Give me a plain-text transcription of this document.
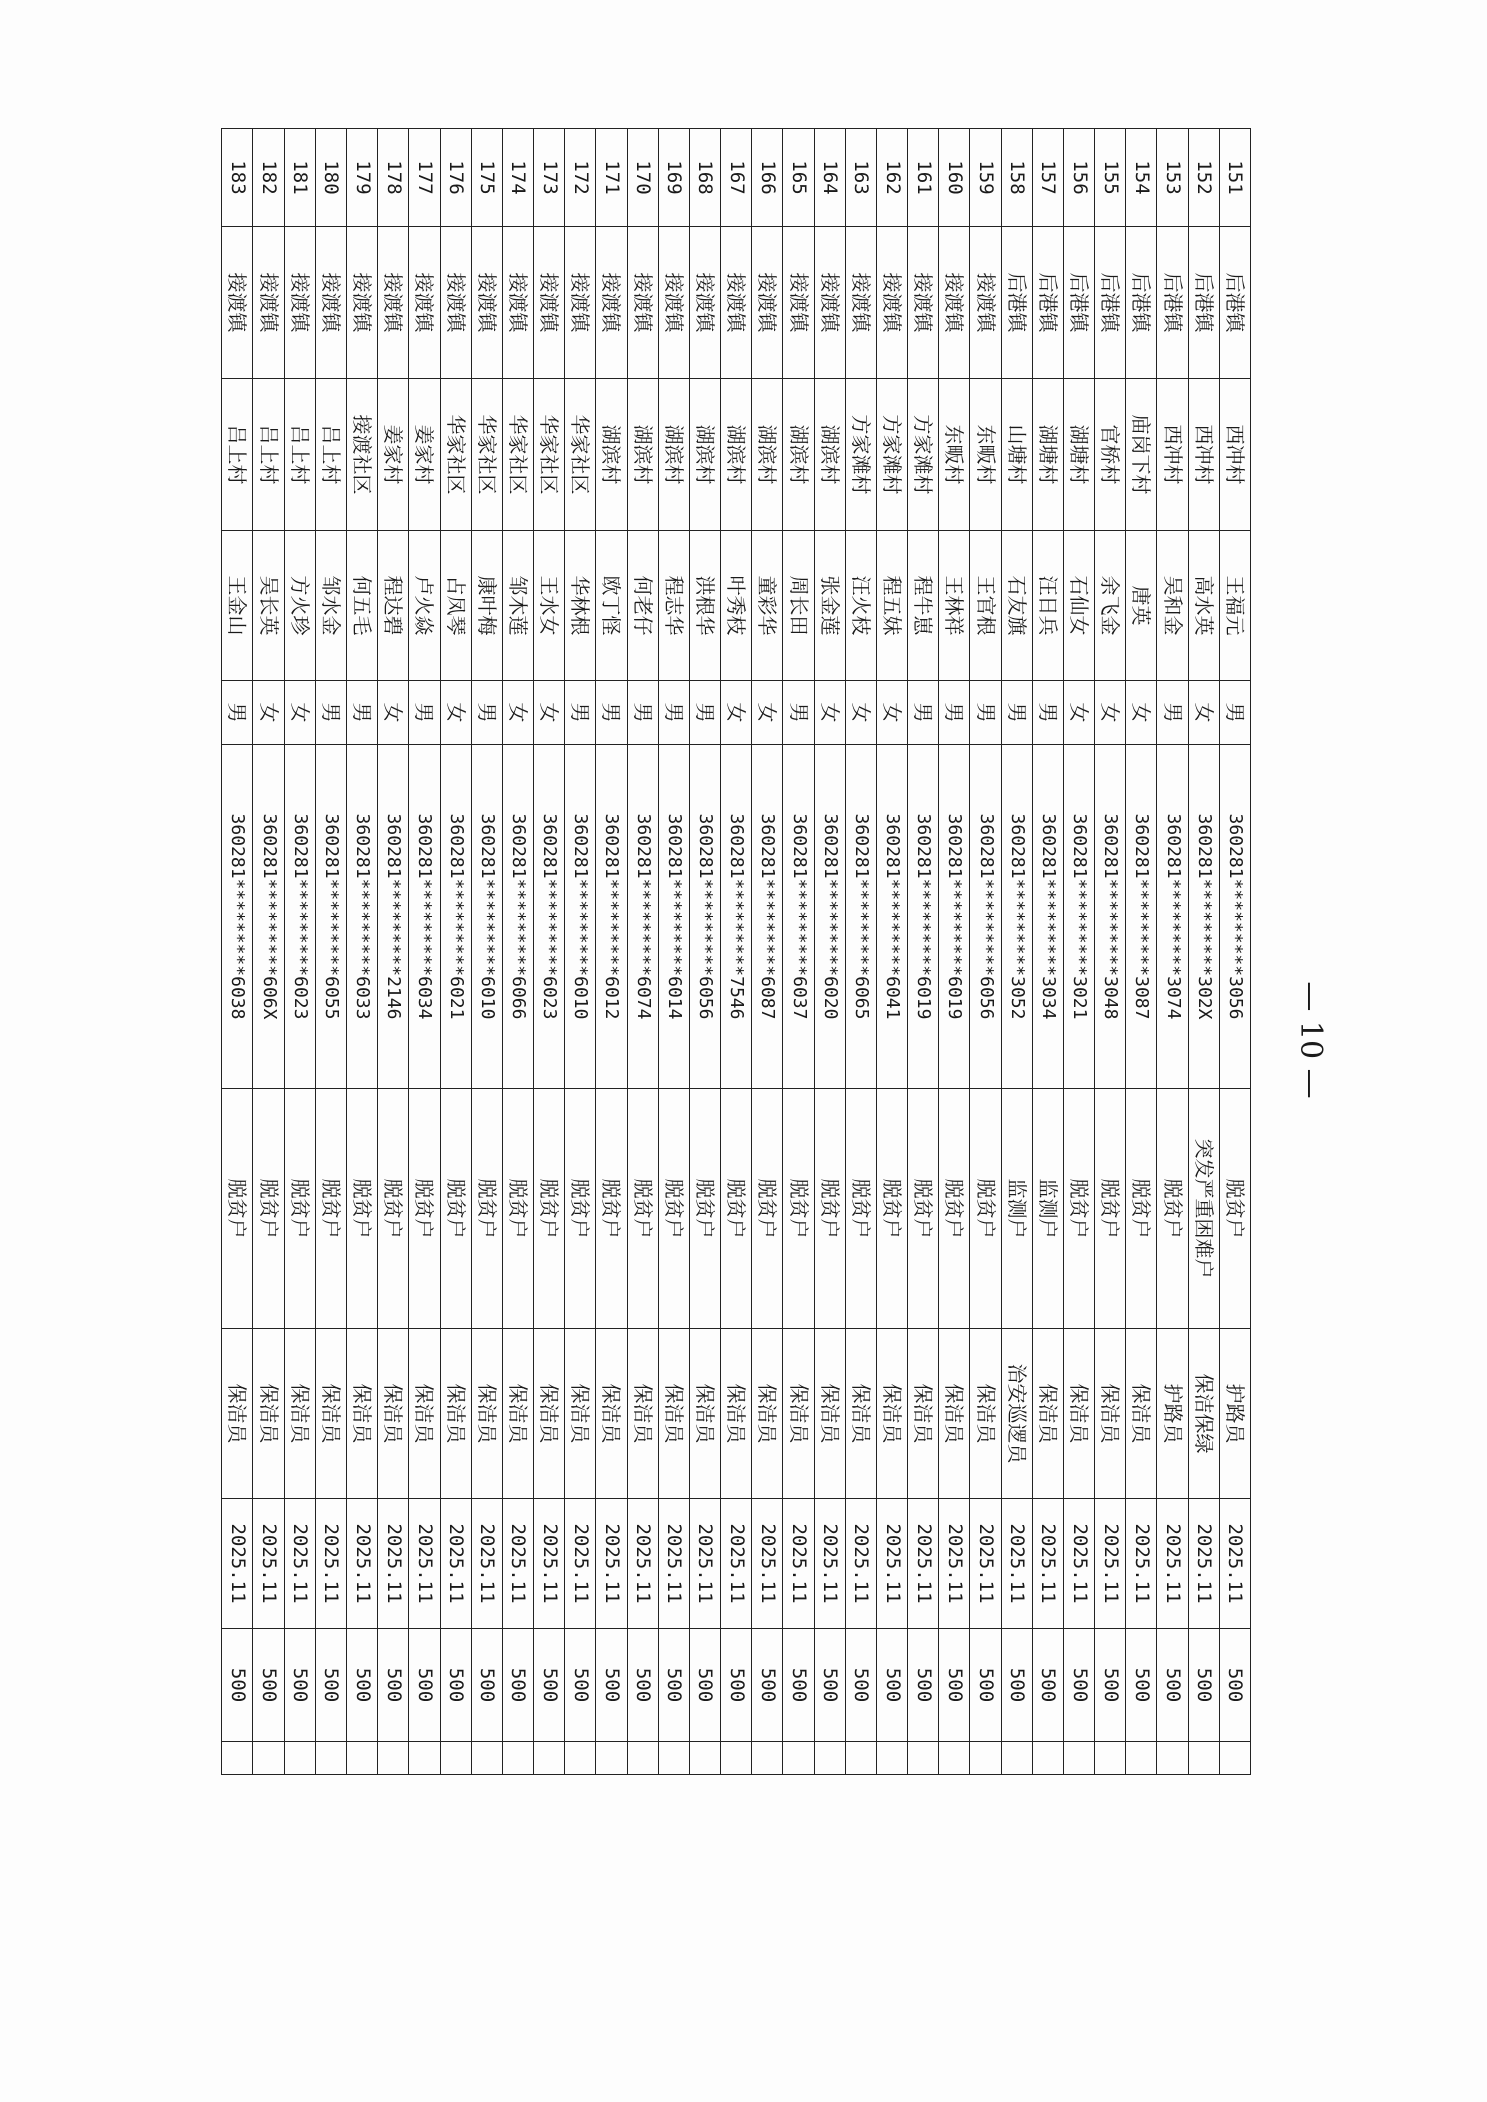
151	后港镇	西冲村	王福元	男	360281*********3056	脱贫户	护路员	2025.11	500	
152	后港镇	西冲村	高水英	女	360281*********302X	突发严重困难户	保洁保绿	2025.11	500	
153	后港镇	西冲村	吴和金	男	360281*********3074	脱贫户	护路员	2025.11	500	
154	后港镇	庙岗下村	唐英	女	360281*********3087	脱贫户	保洁员	2025.11	500	
155	后港镇	官桥村	余飞金	女	360281*********3048	脱贫户	保洁员	2025.11	500	
156	后港镇	湖塘村	石仙女	女	360281*********3021	脱贫户	保洁员	2025.11	500	
157	后港镇	湖塘村	汪日兵	男	360281*********3034	监测户	保洁员	2025.11	500	
158	后港镇	山塘村	石友旗	男	360281*********3052	监测户	治安巡逻员	2025.11	500	
159	接渡镇	东畈村	王官根	男	360281*********6056	脱贫户	保洁员	2025.11	500	
160	接渡镇	东畈村	王林祥	男	360281*********6019	脱贫户	保洁员	2025.11	500	
161	接渡镇	方家滩村	程牛崽	男	360281*********6019	脱贫户	保洁员	2025.11	500	
162	接渡镇	方家滩村	程五妹	女	360281*********6041	脱贫户	保洁员	2025.11	500	
163	接渡镇	方家滩村	汪火枝	女	360281*********6065	脱贫户	保洁员	2025.11	500	
164	接渡镇	湖滨村	张金莲	女	360281*********6020	脱贫户	保洁员	2025.11	500	
165	接渡镇	湖滨村	周长田	男	360281*********6037	脱贫户	保洁员	2025.11	500	
166	接渡镇	湖滨村	童彩华	女	360281*********6087	脱贫户	保洁员	2025.11	500	
167	接渡镇	湖滨村	叶秀枝	女	360281*********7546	脱贫户	保洁员	2025.11	500	
168	接渡镇	湖滨村	洪根华	男	360281*********6056	脱贫户	保洁员	2025.11	500	
169	接渡镇	湖滨村	程志华	男	360281*********6014	脱贫户	保洁员	2025.11	500	
170	接渡镇	湖滨村	何老仔	男	360281*********6074	脱贫户	保洁员	2025.11	500	
171	接渡镇	湖滨村	欧丁怪	男	360281*********6012	脱贫户	保洁员	2025.11	500	
172	接渡镇	华家社区	华林根	男	360281*********6010	脱贫户	保洁员	2025.11	500	
173	接渡镇	华家社区	王水女	女	360281*********6023	脱贫户	保洁员	2025.11	500	
174	接渡镇	华家社区	邹木莲	女	360281*********6066	脱贫户	保洁员	2025.11	500	
175	接渡镇	华家社区	康叶梅	男	360281*********6010	脱贫户	保洁员	2025.11	500	
176	接渡镇	华家社区	占凤琴	女	360281*********6021	脱贫户	保洁员	2025.11	500	
177	接渡镇	姜家村	卢火焱	男	360281*********6034	脱贫户	保洁员	2025.11	500	
178	接渡镇	姜家村	程达碧	女	360281*********2146	脱贫户	保洁员	2025.11	500	
179	接渡镇	接渡社区	何五毛	男	360281*********6033	脱贫户	保洁员	2025.11	500	
180	接渡镇	吕上村	邹水金	男	360281*********6055	脱贫户	保洁员	2025.11	500	
181	接渡镇	吕上村	方火珍	女	360281*********6023	脱贫户	保洁员	2025.11	500	
182	接渡镇	吕上村	吴长英	女	360281*********606X	脱贫户	保洁员	2025.11	500	
183	接渡镇	吕上村	王金山	男	360281*********6038	脱贫户	保洁员	2025.11	500	
— 10 —
